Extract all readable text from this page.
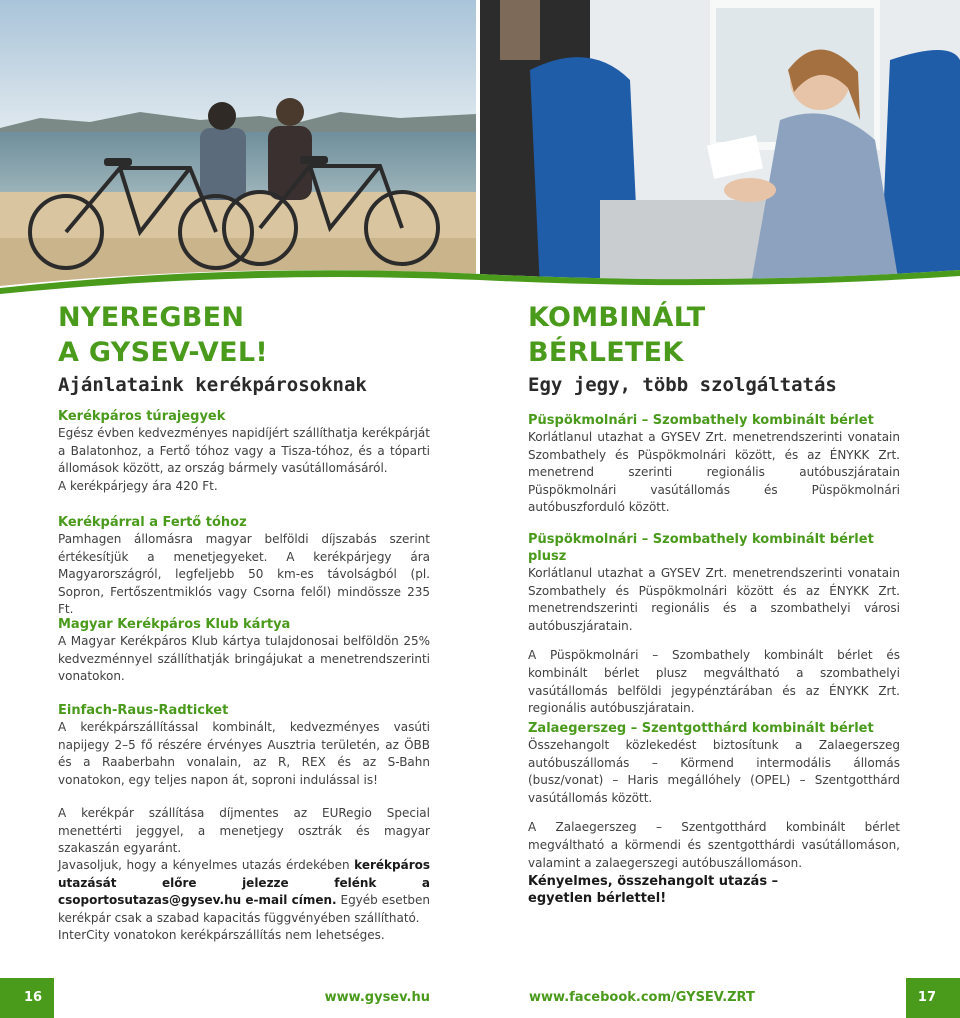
NYEREGBEN
A GYSEV-VEL!
Ajánlataink kerékpárosoknak

Kerékpáros túrajegyek

Egész évben kedvezményes napidíjért szállíthatja kerékpárját a Balatonhoz, a Fertő tóhoz vagy a Tisza-tóhoz, és a tóparti állomások között, az ország bármely vasútállomásáról.

A kerékpárjegy ára 420 Ft.

Kerékpárral a Fertő tóhoz

Pamhagen állomásra magyar belföldi díjszabás szerint értékesítjük a menetjegyeket. A kerékpárjegy ára Magyarországról, legfeljebb 50 km-es távolságból (pl. Sopron, Fertőszentmiklós vagy Csorna felől) mindössze 235 Ft.

Magyar Kerékpáros Klub kártya

A Magyar Kerékpáros Klub kártya tulajdonosai belföldön 25% kedvezménnyel szállíthatják bringájukat a menetrendszerinti vonatokon.

Einfach-Raus-Radticket

A kerékpárszállítással kombinált, kedvezményes vasúti napijegy 2–5 fő részére érvényes Ausztria területén, az ÖBB és a Raaberbahn vonalain, az R, REX és az S-Bahn vonatokon, egy teljes napon át, soproni indulással is!

A kerékpár szállítása díjmentes az EURegio Special menettérti jeggyel, a menetjegy osztrák és magyar szakaszán egyaránt.

Javasoljuk, hogy a kényelmes utazás érdekében kerékpáros utazását előre jelezze felénk a csoportosutazas@gysev.hu e-mail címen. Egyéb esetben kerékpár csak a szabad kapacitás függvényében szállítható.

InterCity vonatokon kerékpárszállítás nem lehetséges.

KOMBINÁLT
BÉRLETEK
Egy jegy, több szolgáltatás

Püspökmolnári – Szombathely kombinált bérlet

Korlátlanul utazhat a GYSEV Zrt. menetrendszerinti vonatain Szombathely és Püspökmolnári között, és az ÉNYKK Zrt. menetrend szerinti regionális autóbuszjáratain Püspökmolnári vasútállomás és Püspökmolnári autóbuszforduló között.

Püspökmolnári – Szombathely kombinált bérlet plusz

Korlátlanul utazhat a GYSEV Zrt. menetrendszerinti vonatain Szombathely és Püspökmolnári között és az ÉNYKK Zrt. menetrendszerinti regionális és a szombathelyi városi autóbuszjáratain.

A Püspökmolnári – Szombathely kombinált bérlet és kombinált bérlet plusz megváltható a szombathelyi vasútállomás belföldi jegypénztárában és az ÉNYKK Zrt. regionális autóbuszjáratain.

Zalaegerszeg – Szentgotthárd kombinált bérlet

Összehangolt közlekedést biztosítunk a Zalaegerszeg autóbuszállomás – Körmend intermodális állomás (busz/vonat) – Haris megállóhely (OPEL) – Szentgotthárd vasútállomás között.

A Zalaegerszeg – Szentgotthárd kombinált bérlet megváltható a körmendi és szentgotthárdi vasútállomáson, valamint a zalaegerszegi autóbuszállomáson.

Kényelmes, összehangolt utazás –

egyetlen bérlettel!

16	www.gysev.hu	www.facebook.com/GYSEV.ZRT	17
